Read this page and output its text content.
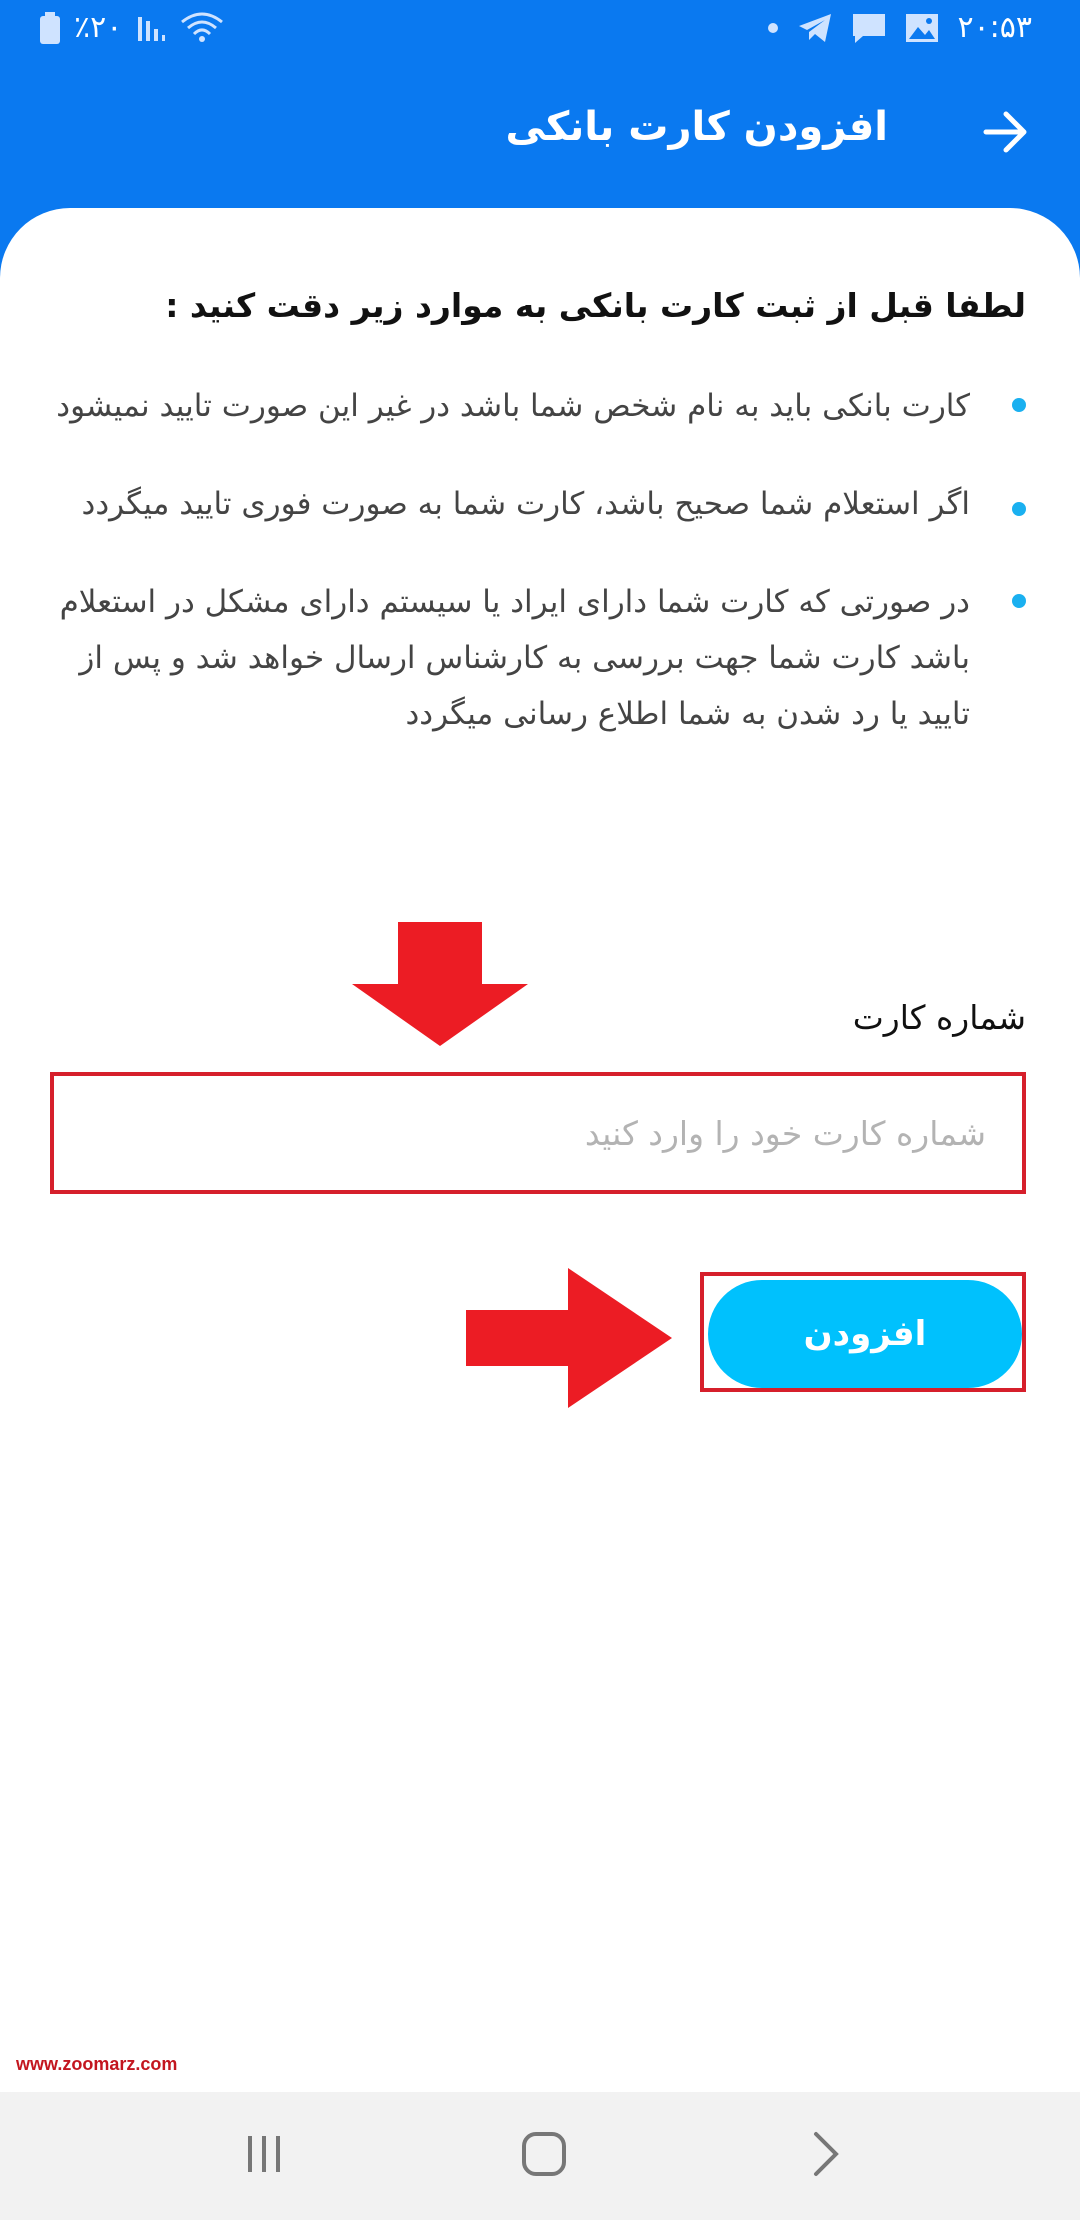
٪۲۰	۲۰:۵۳
افزودن کارت بانکی
لطفا قبل از ثبت کارت بانکی به موارد زیر دقت کنید :
کارت بانکی باید به نام شخص شما باشد در غیر این صورت تایید نمیشود
اگر استعلام شما صحیح باشد، کارت شما به صورت فوری تایید میگردد
در صورتی که کارت شما دارای ایراد یا سیستم دارای مشکل در استعلام باشد کارت شما جهت بررسی به کارشناس ارسال خواهد شد و پس از تایید یا رد شدن به شما اطلاع رسانی میگردد
شماره کارت
شماره کارت خود را وارد کنید
افزودن
www.zoomarz.com
